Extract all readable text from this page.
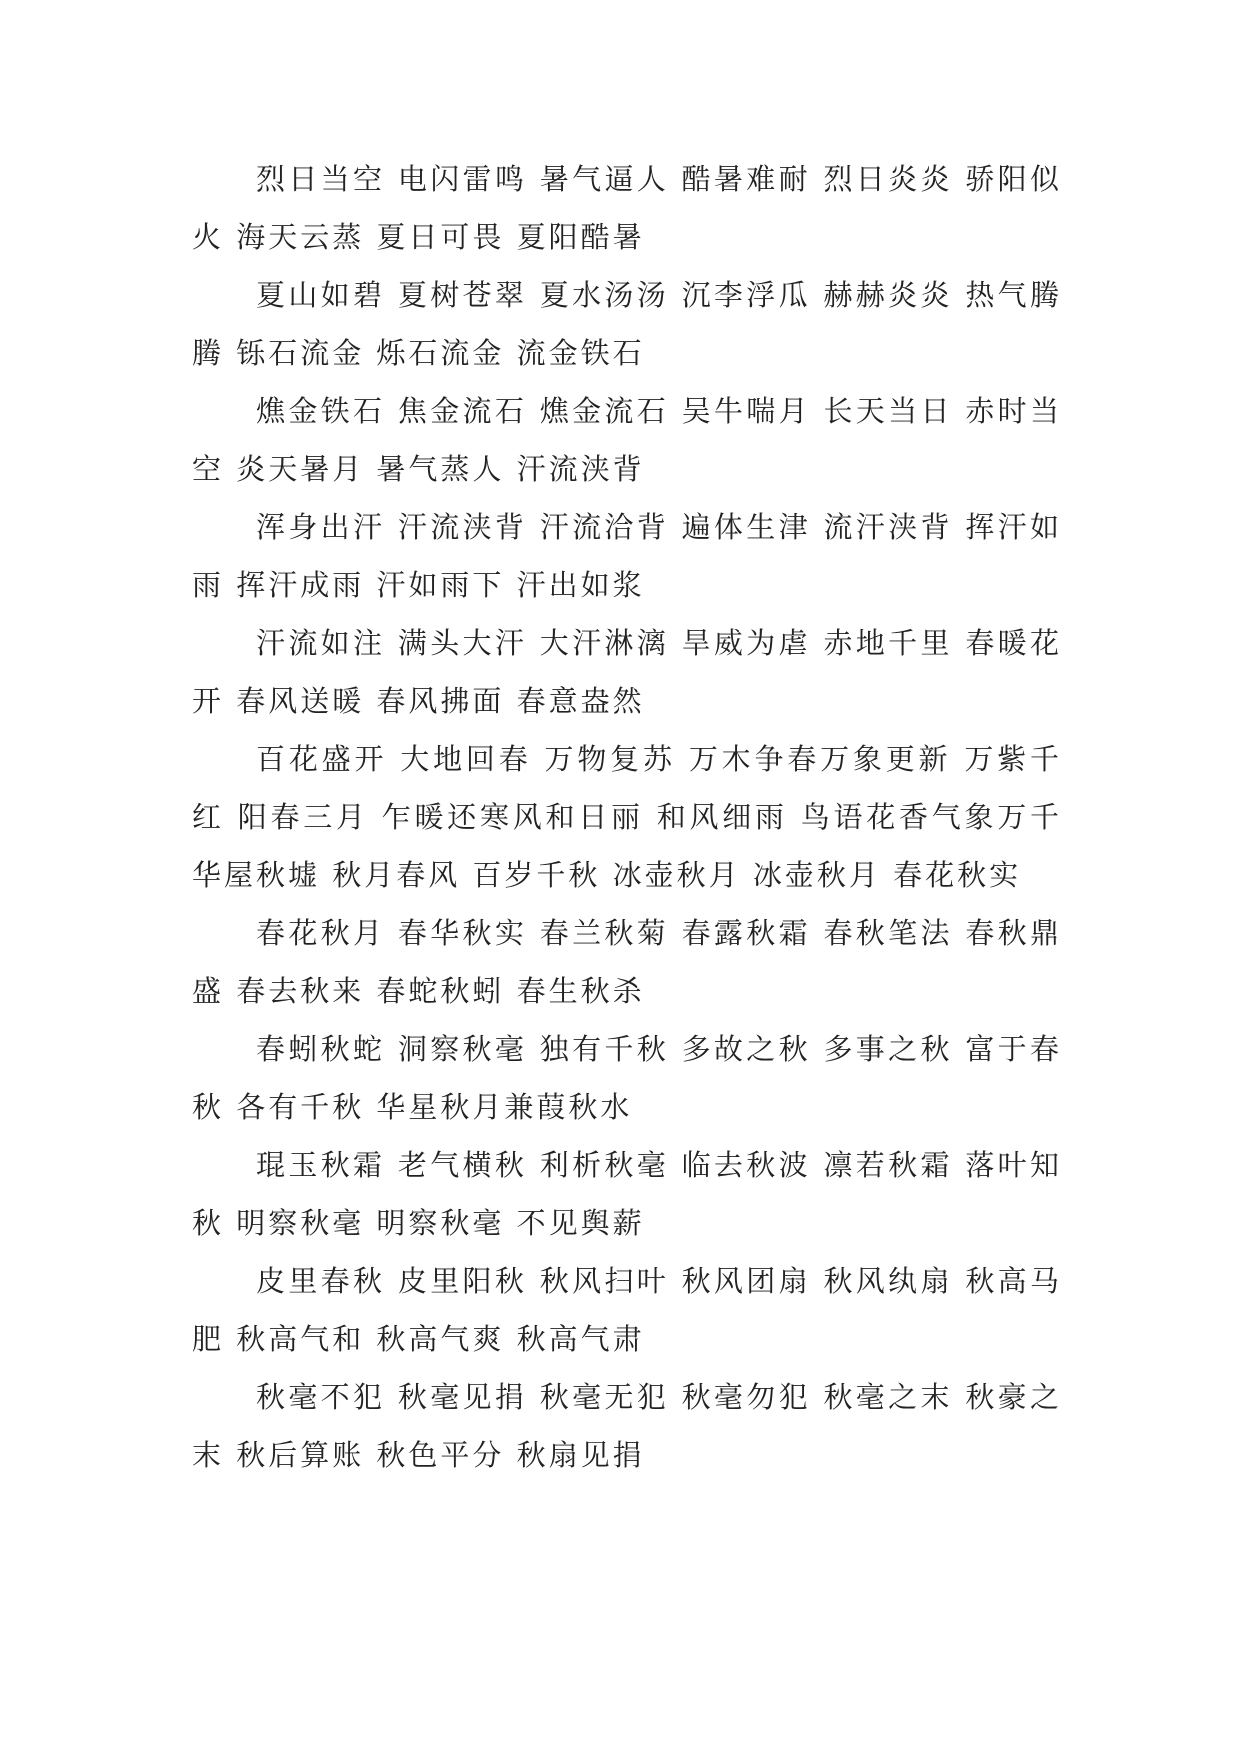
烈日当空 电闪雷鸣 暑气逼人 酷暑难耐 烈日炎炎 骄阳似火 海天云蒸 夏日可畏 夏阳酷暑

夏山如碧 夏树苍翠 夏水汤汤 沉李浮瓜 赫赫炎炎 热气腾腾 铄石流金 烁石流金 流金铁石

燋金铁石 焦金流石 燋金流石 吴牛喘月 长天当日 赤时当空 炎天暑月 暑气蒸人 汗流浃背

浑身出汗 汗流浃背 汗流洽背 遍体生津 流汗浃背 挥汗如雨 挥汗成雨 汗如雨下 汗出如浆

汗流如注 满头大汗 大汗淋漓 旱威为虐 赤地千里 春暖花开 春风送暖 春风拂面 春意盎然

百花盛开 大地回春 万物复苏 万木争春万象更新 万紫千红 阳春三月 乍暖还寒风和日丽 和风细雨 鸟语花香气象万千 华屋秋墟 秋月春风 百岁千秋 冰壶秋月 冰壶秋月 春花秋实

春花秋月 春华秋实 春兰秋菊 春露秋霜 春秋笔法 春秋鼎盛 春去秋来 春蛇秋蚓 春生秋杀

春蚓秋蛇 洞察秋毫 独有千秋 多故之秋 多事之秋 富于春秋 各有千秋 华星秋月兼葭秋水

琨玉秋霜 老气横秋 利析秋毫 临去秋波 凛若秋霜 落叶知秋 明察秋毫 明察秋毫 不见舆薪

皮里春秋 皮里阳秋 秋风扫叶 秋风团扇 秋风纨扇 秋高马肥 秋高气和 秋高气爽 秋高气肃

秋毫不犯 秋毫见捐 秋毫无犯 秋毫勿犯 秋毫之末 秋豪之末 秋后算账 秋色平分 秋扇见捐
